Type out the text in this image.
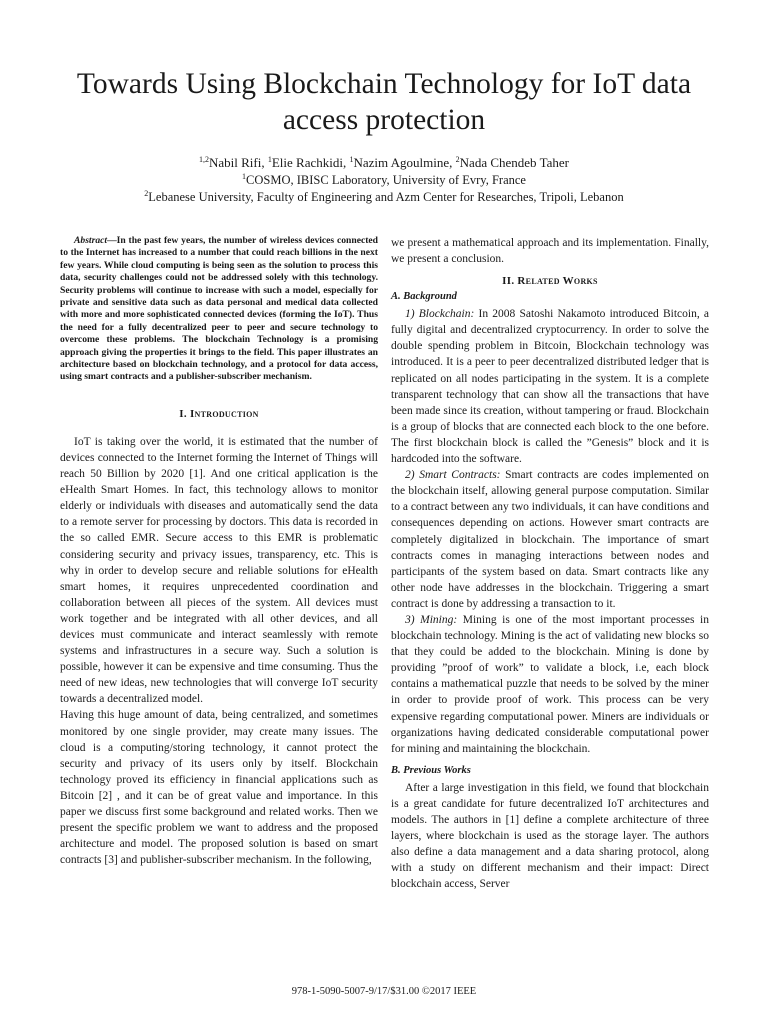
Towards Using Blockchain Technology for IoT data access protection
$^{1,2}$Nabil Rifi, $^1$Elie Rachkidi, $^1$Nazim Agoulmine, $^2$Nada Chendeb Taher
$^1$COSMO, IBISC Laboratory, University of Evry, France
$^2$Lebanese University, Faculty of Engineering and Azm Center for Researches, Tripoli, Lebanon

Abstract—In the past few years, the number of wireless devices connected to the Internet has increased to a number that could reach billions in the next few years. While cloud computing is being seen as the solution to process this data, security challenges could not be addressed solely with this technology. Security problems will continue to increase with such a model, especially for private and sensitive data such as data personal and medical data collected with more and more sophisticated connected devices (forming the IoT). Thus the need for a fully decentralized peer to peer and secure technology to overcome these problems. The blockchain Technology is a promising approach giving the properties it brings to the field. This paper illustrates an architecture based on blockchain technology, and a protocol for data access, using smart contracts and a publisher-subscriber mechanism.

I. Introduction

IoT is taking over the world, it is estimated that the number of devices connected to the Internet forming the Internet of Things will reach 50 Billion by 2020 [1]. And one critical application is the eHealth Smart Homes. In fact, this technology allows to monitor elderly or individuals with diseases and automatically send the data to a remote server for processing by doctors. This data is recorded in the so called EMR. Secure access to this EMR is problematic considering security and privacy issues, transparency, etc. This is why in order to develop secure and reliable solutions for eHealth smart homes, it requires unprecedented coordination and collaboration between all pieces of the system. All devices must work together and be integrated with all other devices, and all devices must communicate and interact seamlessly with remote systems and infrastructures in a secure way. Such a solution is possible, however it can be expensive and time consuming. Thus the need of new ideas, new technologies that will converge IoT security towards a decentralized model.

Having this huge amount of data, being centralized, and sometimes monitored by one single provider, may create many issues. The cloud is a computing/storing technology, it cannot protect the security and privacy of its users only by itself. Blockchain technology proved its efficiency in financial applications such as Bitcoin [2] , and it can be of great value and importance. In this paper we discuss first some background and related works. Then we present the specific problem we want to address and the proposed architecture and model. The proposed solution is based on smart contracts [3] and publisher-subscriber mechanism. In the following,

we present a mathematical approach and its implementation. Finally, we present a conclusion.

II. Related Works
A. Background

1) Blockchain: In 2008 Satoshi Nakamoto introduced Bitcoin, a fully digital and decentralized cryptocurrency. In order to solve the double spending problem in Bitcoin, Blockchain technology was introduced. It is a peer to peer decentralized distributed ledger that is replicated on all nodes participating in the system. It is a complete transparent technology that can show all the transactions that have been made since its creation, without tampering or fraud. Blockchain is a group of blocks that are connected each block to the one before. The first blockchain block is called the ”Genesis” block and it is hardcoded into the software.

2) Smart Contracts: Smart contracts are codes implemented on the blockchain itself, allowing general purpose computation. Similar to a contract between any two individuals, it can have conditions and consequences depending on actions. However smart contracts are completely digitalized in blockchain. The importance of smart contracts comes in managing interactions between nodes and participants of the system based on data. Smart contracts like any other node have addresses in the blockchain. Triggering a smart contract is done by addressing a transaction to it.

3) Mining: Mining is one of the most important processes in blockchain technology. Mining is the act of validating new blocks so that they could be added to the blockchain. Mining is done by providing ”proof of work” to validate a block, i.e, each block contains a mathematical puzzle that needs to be solved by the miner in order to provide proof of work. This process can be very expensive regarding computational power. Miners are individuals or organizations having dedicated considerable computational power for mining and maintaining the blockchain.

B. Previous Works

After a large investigation in this field, we found that blockchain is a great candidate for future decentralized IoT architectures and models. The authors in [1] define a complete architecture of three layers, where blockchain is used as the storage layer. The authors also define a data management and a data sharing protocol, along with a study on different mechanism and their impact: Direct blockchain access, Server

978-1-5090-5007-9/17/$31.00 ©2017 IEEE
